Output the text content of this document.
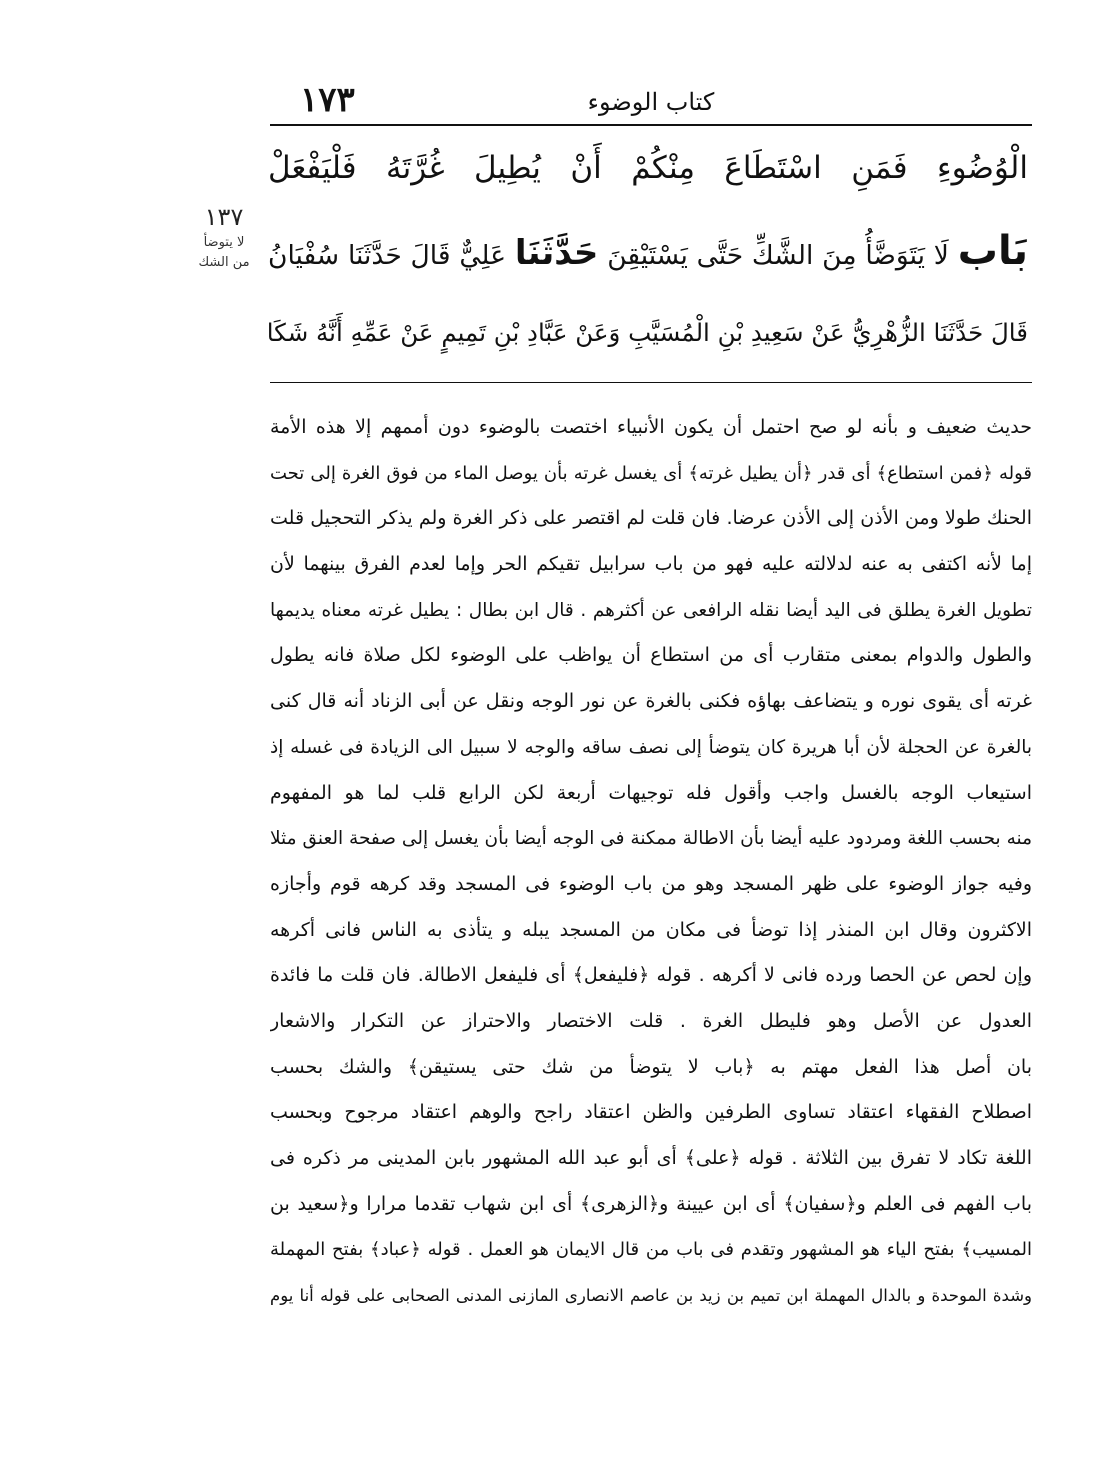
١٧٣	كتاب الوضوء
الْوُضُوءِ فَمَنِ اسْتَطَاعَ مِنْكُمْ أَنْ يُطِيلَ غُرَّتَهُ فَلْيَفْعَلْ
بَاب لَا يَتَوَضَّأُ مِنَ الشَّكِّ حَتَّى يَسْتَيْقِنَ حَدَّثَنَا عَلِيٌّ قَالَ حَدَّثَنَا سُفْيَانُ
قَالَ حَدَّثَنَا الزُّهْرِيُّ عَنْ سَعِيدِ بْنِ الْمُسَيَّبِ وَعَنْ عَبَّادِ بْنِ تَمِيمٍ عَنْ عَمِّهِ أَنَّهُ شَكَا
١٣٧
لا يتوضأ
من الشك
حديث ضعيف و بأنه لو صح احتمل أن يكون الأنبياء اختصت بالوضوء دون أممهم إلا هذه الأمة
قوله ﴿فمن استطاع﴾ أى قدر ﴿أن يطيل غرته﴾ أى يغسل غرته بأن يوصل الماء من فوق الغرة إلى تحت
الحنك طولا ومن الأذن إلى الأذن عرضا. فان قلت لم اقتصر على ذكر الغرة ولم يذكر التحجيل قلت
إما لأنه اكتفى به عنه لدلالته عليه فهو من باب سرابيل تقيكم الحر وإما لعدم الفرق بينهما لأن
تطويل الغرة يطلق فى اليد أيضا نقله الرافعى عن أكثرهم . قال ابن بطال : يطيل غرته معناه يديمها
والطول والدوام بمعنى متقارب أى من استطاع أن يواظب على الوضوء لكل صلاة فانه يطول
غرته أى يقوى نوره و يتضاعف بهاؤه فكنى بالغرة عن نور الوجه ونقل عن أبى الزناد أنه قال كنى
بالغرة عن الحجلة لأن أبا هريرة كان يتوضأ إلى نصف ساقه والوجه لا سبيل الى الزيادة فى غسله إذ
استيعاب الوجه بالغسل واجب وأقول فله توجيهات أربعة لكن الرابع قلب لما هو المفهوم
منه بحسب اللغة ومردود عليه أيضا بأن الاطالة ممكنة فى الوجه أيضا بأن يغسل إلى صفحة العنق مثلا
وفيه جواز الوضوء على ظهر المسجد وهو من باب الوضوء فى المسجد وقد كرهه قوم وأجازه
الاكثرون وقال ابن المنذر إذا توضأ فى مكان من المسجد يبله و يتأذى به الناس فانى أكرهه
وإن لحص عن الحصا ورده فانى لا أكرهه . قوله ﴿فليفعل﴾ أى فليفعل الاطالة. فان قلت ما فائدة
العدول عن الأصل وهو فليطل الغرة . قلت الاختصار والاحتراز عن التكرار والاشعار
بان أصل هذا الفعل مهتم به ﴿باب لا يتوضأ من شك حتى يستيقن﴾ والشك بحسب
اصطلاح الفقهاء اعتقاد تساوى الطرفين والظن اعتقاد راجح والوهم اعتقاد مرجوح وبحسب
اللغة تكاد لا تفرق بين الثلاثة . قوله ﴿على﴾ أى أبو عبد الله المشهور بابن المدينى مر ذكره فى
باب الفهم فى العلم و﴿سفيان﴾ أى ابن عيينة و﴿الزهرى﴾ أى ابن شهاب تقدما مرارا و﴿سعيد بن
المسيب﴾ بفتح الياء هو المشهور وتقدم فى باب من قال الايمان هو العمل . قوله ﴿عباد﴾ بفتح المهملة
وشدة الموحدة و بالدال المهملة ابن تميم بن زيد بن عاصم الانصارى المازنى المدنى الصحابى على قوله أنا يوم
